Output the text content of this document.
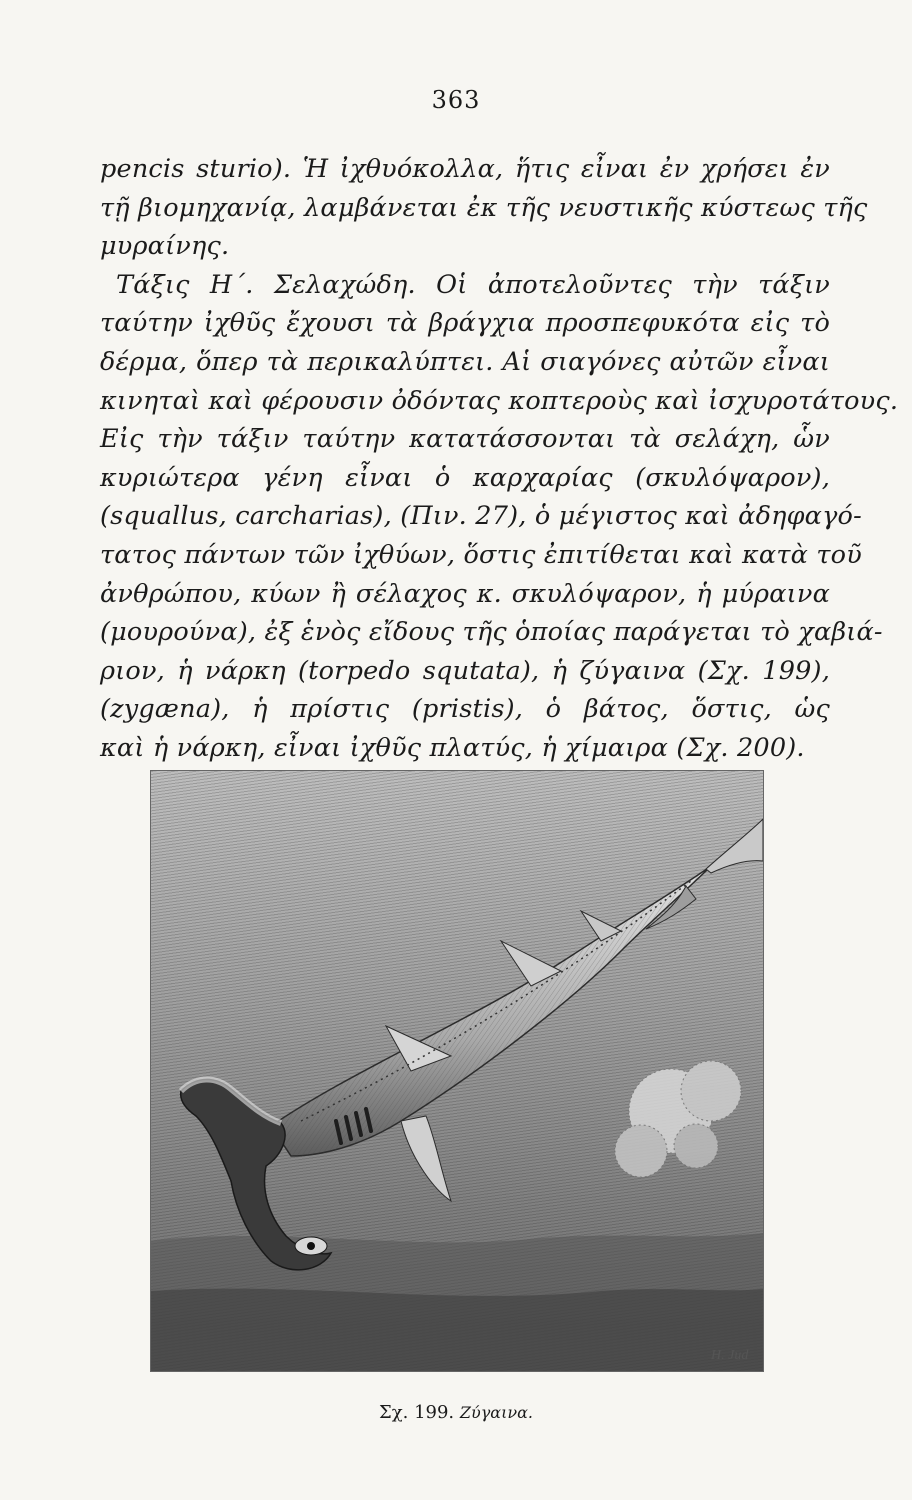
363
pencis sturio). Ἡ ἰχθυόκολλα, ἥτις εἶναι ἐν χρήσει ἐν
τῇ βιομηχανίᾳ, λαμβάνεται ἐκ τῆς νευστικῆς κύστεως τῆς
μυραίνης.
Τάξις Η΄. Σελαχώδη. Οἱ ἀποτελοῦντες τὴν τάξιν
ταύτην ἰχθῦς ἔχουσι τὰ βράγχια προσπεφυκότα εἰς τὸ
δέρμα, ὅπερ τὰ περικαλύπτει. Αἱ σιαγόνες αὐτῶν εἶναι
κινηταὶ καὶ φέρουσιν ὀδόντας κοπτεροὺς καὶ ἰσχυροτάτους.
Εἰς τὴν τάξιν ταύτην κατατάσσονται τὰ σελάχη, ὧν
κυριώτερα γένη εἶναι ὁ καρχαρίας (σκυλόψαρον),
(squallus, carcharias), (Πιν. 27), ὁ μέγιστος καὶ ἀδηφαγό-
τατος πάντων τῶν ἰχθύων, ὅστις ἐπιτίθεται καὶ κατὰ τοῦ
ἀνθρώπου, κύων ἢ σέλαχος κ. σκυλόψαρον, ἡ μύραινα
(μουρούνα), ἐξ ἑνὸς εἴδους τῆς ὁποίας παράγεται τὸ χαβιά-
ριον, ἡ νάρκη (torpedo squtata), ἡ ζύγαινα (Σχ. 199),
(zygæna), ἡ πρίστις (pristis), ὁ βάτος, ὅστις, ὡς
καὶ ἡ νάρκη, εἶναι ἰχθῦς πλατύς, ἡ χίμαιρα (Σχ. 200).
H. Jud
Σχ. 199. Ζύγαινα.
